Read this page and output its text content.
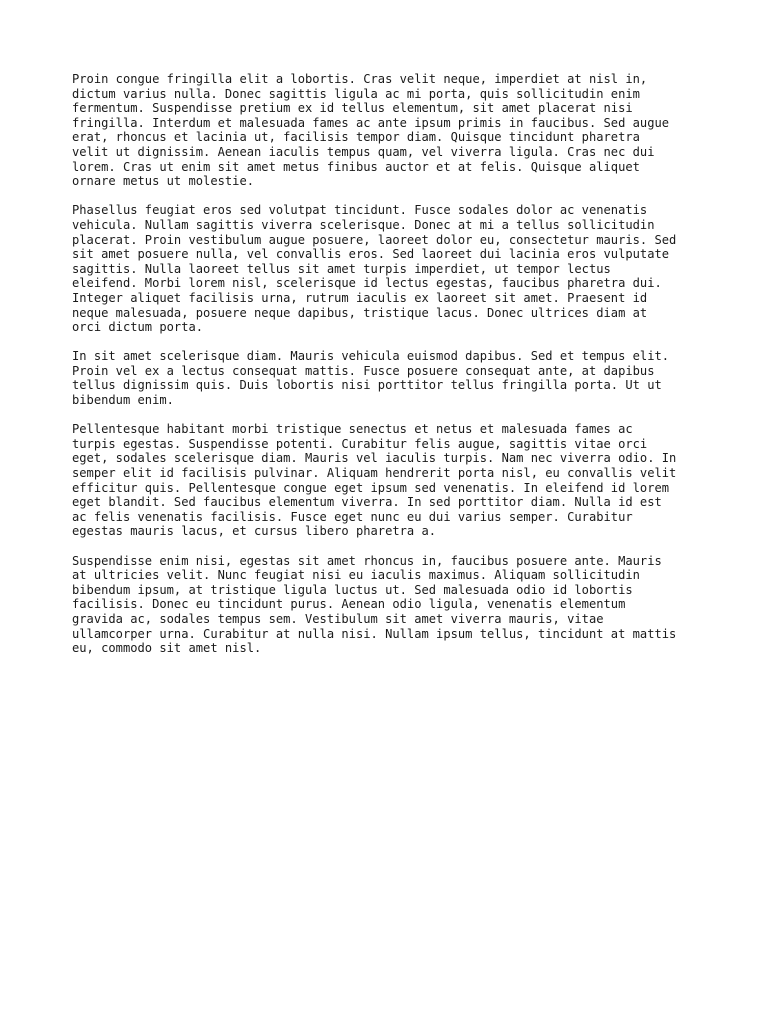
Proin congue fringilla elit a lobortis. Cras velit neque, imperdiet at nisl in,
dictum varius nulla. Donec sagittis ligula ac mi porta, quis sollicitudin enim
fermentum. Suspendisse pretium ex id tellus elementum, sit amet placerat nisi
fringilla. Interdum et malesuada fames ac ante ipsum primis in faucibus. Sed augue
erat, rhoncus et lacinia ut, facilisis tempor diam. Quisque tincidunt pharetra
velit ut dignissim. Aenean iaculis tempus quam, vel viverra ligula. Cras nec dui
lorem. Cras ut enim sit amet metus finibus auctor et at felis. Quisque aliquet
ornare metus ut molestie.

Phasellus feugiat eros sed volutpat tincidunt. Fusce sodales dolor ac venenatis
vehicula. Nullam sagittis viverra scelerisque. Donec at mi a tellus sollicitudin
placerat. Proin vestibulum augue posuere, laoreet dolor eu, consectetur mauris. Sed
sit amet posuere nulla, vel convallis eros. Sed laoreet dui lacinia eros vulputate
sagittis. Nulla laoreet tellus sit amet turpis imperdiet, ut tempor lectus
eleifend. Morbi lorem nisl, scelerisque id lectus egestas, faucibus pharetra dui.
Integer aliquet facilisis urna, rutrum iaculis ex laoreet sit amet. Praesent id
neque malesuada, posuere neque dapibus, tristique lacus. Donec ultrices diam at
orci dictum porta.

In sit amet scelerisque diam. Mauris vehicula euismod dapibus. Sed et tempus elit.
Proin vel ex a lectus consequat mattis. Fusce posuere consequat ante, at dapibus
tellus dignissim quis. Duis lobortis nisi porttitor tellus fringilla porta. Ut ut
bibendum enim.

Pellentesque habitant morbi tristique senectus et netus et malesuada fames ac
turpis egestas. Suspendisse potenti. Curabitur felis augue, sagittis vitae orci
eget, sodales scelerisque diam. Mauris vel iaculis turpis. Nam nec viverra odio. In
semper elit id facilisis pulvinar. Aliquam hendrerit porta nisl, eu convallis velit
efficitur quis. Pellentesque congue eget ipsum sed venenatis. In eleifend id lorem
eget blandit. Sed faucibus elementum viverra. In sed porttitor diam. Nulla id est
ac felis venenatis facilisis. Fusce eget nunc eu dui varius semper. Curabitur
egestas mauris lacus, et cursus libero pharetra a.

Suspendisse enim nisi, egestas sit amet rhoncus in, faucibus posuere ante. Mauris
at ultricies velit. Nunc feugiat nisi eu iaculis maximus. Aliquam sollicitudin
bibendum ipsum, at tristique ligula luctus ut. Sed malesuada odio id lobortis
facilisis. Donec eu tincidunt purus. Aenean odio ligula, venenatis elementum
gravida ac, sodales tempus sem. Vestibulum sit amet viverra mauris, vitae
ullamcorper urna. Curabitur at nulla nisi. Nullam ipsum tellus, tincidunt at mattis
eu, commodo sit amet nisl.
